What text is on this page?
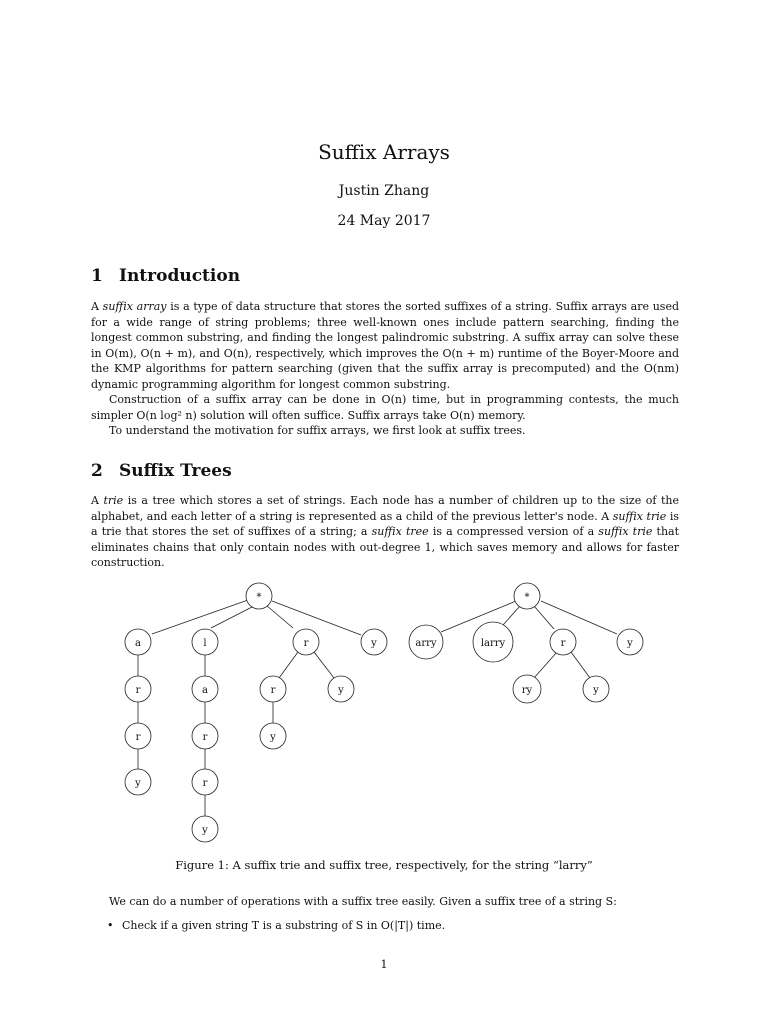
Suffix Arrays
Justin Zhang
24 May 2017
1 Introduction

A suffix array is a type of data structure that stores the sorted suffixes of a string. Suffix arrays are used for a wide range of string problems; three well-known ones include pattern searching, finding the longest common substring, and finding the longest palindromic substring. A suffix array can solve these in O(m), O(n + m), and O(n), respectively, which improves the O(n + m) runtime of the Boyer-Moore and the KMP algorithms for pattern searching (given that the suffix array is precomputed) and the O(nm) dynamic programming algorithm for longest common substring.

Construction of a suffix array can be done in O(n) time, but in programming contests, the much simpler O(n log² n) solution will often suffice. Suffix arrays take O(n) memory.

To understand the motivation for suffix arrays, we first look at suffix trees.

2 Suffix Trees

A trie is a tree which stores a set of strings. Each node has a number of children up to the size of the alphabet, and each letter of a string is represented as a child of the previous letter's node. A suffix trie is a trie that stores the set of suffixes of a string; a suffix tree is a compressed version of a suffix trie that eliminates chains that only contain nodes with out-degree 1, which saves memory and allows for faster construction.

*
a	l	r	y
r
r
y
a
r
r
y
r	y
y
*
arry	larry	r	y
ry	y
Figure 1: A suffix trie and suffix tree, respectively, for the string “larry”

We can do a number of operations with a suffix tree easily. Given a suffix tree of a string S:

• Check if a given string T is a substring of S in O(|T|) time.
1
